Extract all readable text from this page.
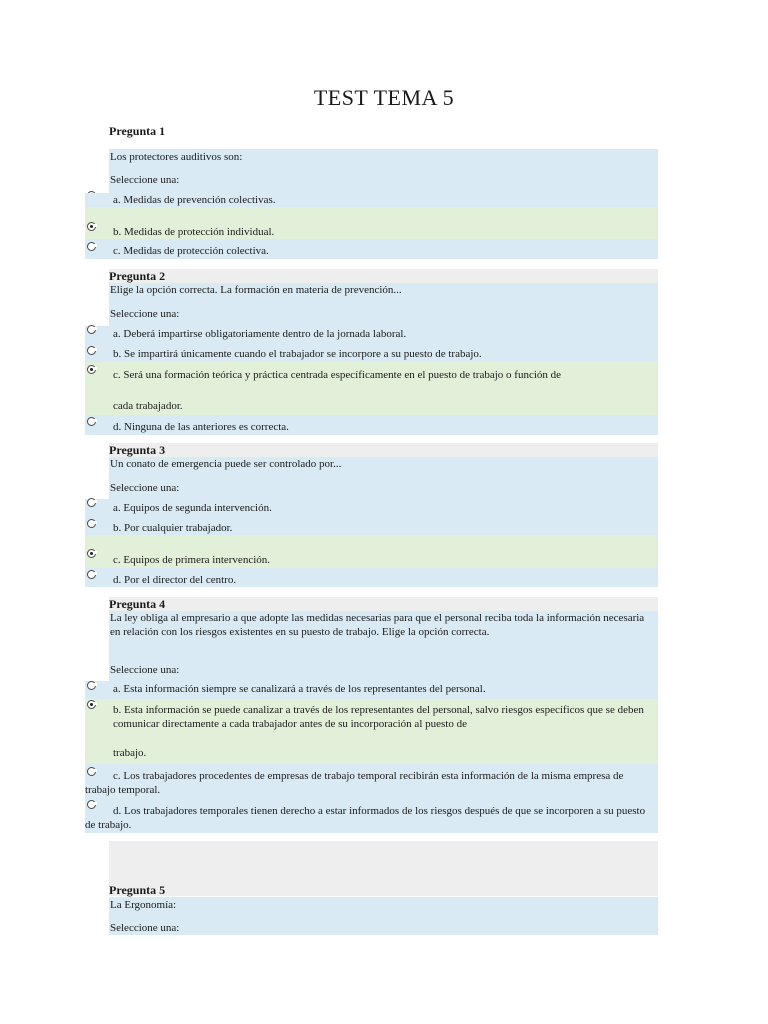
TEST TEMA 5
Pregunta 1
Los protectores auditivos son:
Seleccione una:
a. Medidas de prevención colectivas.
b. Medidas de protección individual.
c. Medidas de protección colectiva.
Pregunta 2
Elige la opción correcta. La formación en materia de prevención...
Seleccione una:
a. Deberá impartirse obligatoriamente dentro de la jornada laboral.
b. Se impartirá únicamente cuando el trabajador se incorpore a su puesto de trabajo.
c. Será una formación teórica y práctica centrada específicamente en el puesto de trabajo o función de
cada trabajador.
d. Ninguna de las anteriores es correcta.
Pregunta 3
Un conato de emergencia puede ser controlado por...
Seleccione una:
a. Equipos de segunda intervención.
b. Por cualquier trabajador.
c. Equipos de primera intervención.
d. Por el director del centro.
Pregunta 4
La ley obliga al empresario a que adopte las medidas necesarias para que el personal reciba toda la información necesaria en relación con los riesgos existentes en su puesto de trabajo. Elige la opción correcta.
Seleccione una:
a. Esta información siempre se canalizará a través de los representantes del personal.
b. Esta información se puede canalizar a través de los representantes del personal, salvo riesgos específicos que se deben comunicar directamente a cada trabajador antes de su incorporación al puesto de
trabajo.
c. Los trabajadores procedentes de empresas de trabajo temporal recibirán esta información de la misma empresa de trabajo temporal.
d. Los trabajadores temporales tienen derecho a estar informados de los riesgos después de que se incorporen a su puesto de trabajo.
Pregunta 5
La Ergonomía:
Seleccione una:
